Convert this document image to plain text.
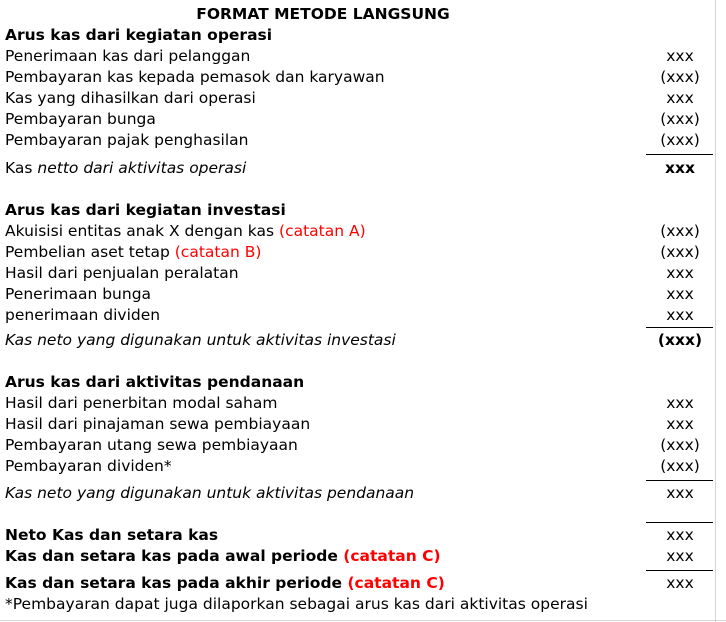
FORMAT METODE LANGSUNG
Arus kas dari kegiatan operasi
Penerimaan kas dari pelanggan	xxx
Pembayaran kas kepada pemasok dan karyawan	(xxx)
Kas yang dihasilkan dari operasi	xxx
Pembayaran bunga	(xxx)
Pembayaran pajak penghasilan	(xxx)
Kas netto dari aktivitas operasi	xxx
Arus kas dari kegiatan investasi
Akuisisi entitas anak X dengan kas (catatan A)	(xxx)
Pembelian aset tetap (catatan B)	(xxx)
Hasil dari penjualan peralatan	xxx
Penerimaan bunga	xxx
penerimaan dividen	xxx
Kas neto yang digunakan untuk aktivitas investasi	(xxx)
Arus kas dari aktivitas pendanaan
Hasil dari penerbitan modal saham	xxx
Hasil dari pinajaman sewa pembiayaan	xxx
Pembayaran utang sewa pembiayaan	(xxx)
Pembayaran dividen*	(xxx)
Kas neto yang digunakan untuk aktivitas pendanaan	xxx
Neto Kas dan setara kas	xxx
Kas dan setara kas pada awal periode (catatan C)	xxx
Kas dan setara kas pada akhir periode (catatan C)	xxx
*Pembayaran dapat juga dilaporkan sebagai arus kas dari aktivitas operasi
